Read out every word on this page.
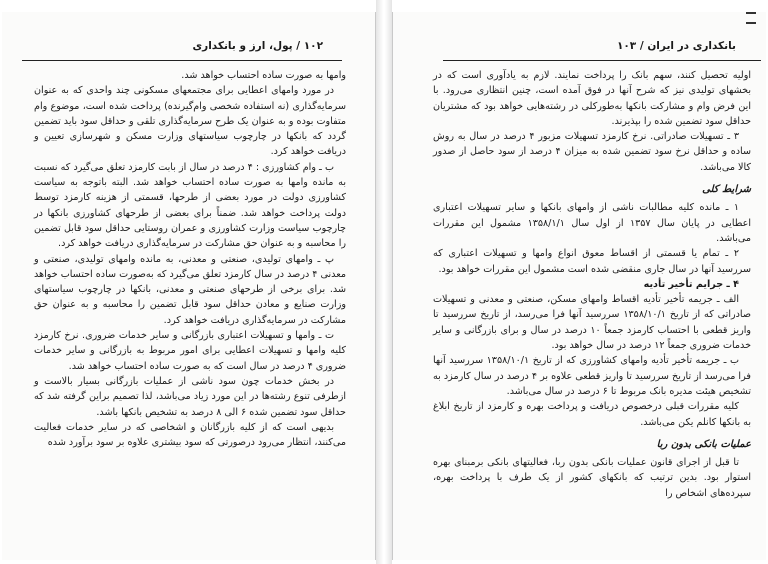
۱۰۲ / پول، ارز و بانکداری

وامها به صورت ساده احتساب خواهد شد.

در مورد وامهای اعطایی برای مجتمعهای مسکونی چند واحدی که به عنوان سرمایه‌گذاری (نه استفاده شخصی وام‌گیرنده) پرداخت شده است، موضوع وام متفاوت بوده و به عنوان یک طرح سرمایه‌گذاری تلقی و حداقل سود باید تضمین گردد که بانکها در چارچوب سیاستهای وزارت مسکن و شهرسازی تعیین و دریافت خواهد کرد.

ب ـ وام کشاورزی : ۴ درصد در سال از بابت کارمزد تعلق می‌گیرد که نسبت به مانده وامها به صورت ساده احتساب خواهد شد. البته باتوجه به سیاست کشاورزی دولت در مورد بعضی از طرحها، قسمتی از هزینه کارمزد توسط دولت پرداخت خواهد شد. ضمناً برای بعضی از طرحهای کشاورزی بانکها در چارچوب سیاست وزارت کشاورزی و عمران روستایی حداقل سود قابل تضمین را محاسبه و به عنوان حق مشارکت در سرمایه‌گذاری دریافت خواهد کرد.

پ ـ وامهای تولیدی، صنعتی و معدنی، به مانده وامهای تولیدی، صنعتی و معدنی ۴ درصد در سال کارمزد تعلق می‌گیرد که به‌صورت ساده احتساب خواهد شد. برای برخی از طرحهای صنعتی و معدنی، بانکها در چارچوب سیاستهای وزارت صنایع و معادن حداقل سود قابل تضمین را محاسبه و به عنوان حق مشارکت در سرمایه‌گذاری دریافت خواهد کرد.

ت ـ وامها و تسهیلات اعتباری بازرگانی و سایر خدمات ضروری. نرخ کارمزد کلیه وامها و تسهیلات اعطایی برای امور مربوط به بازرگانی و سایر خدمات ضروری ۴ درصد در سال است که به صورت ساده احتساب خواهد شد.

در بخش خدمات چون سود ناشی از عملیات بازرگانی بسیار بالاست و ازطرفی تنوع رشته‌ها در این مورد زیاد می‌باشد، لذا تصمیم براین گرفته شد که حداقل سود تضمین شده ۶ الی ۸ درصد به تشخیص بانکها باشد.

بدیهی است که از کلیه بازرگانان و اشخاصی که در سایر خدمات فعالیت می‌کنند، انتظار می‌رود درصورتی که سود بیشتری علاوه بر سود برآورد شده

بانکداری در ایران / ۱۰۳

اولیه تحصیل کنند، سهم بانک را پرداخت نمایند. لازم به یادآوری است که در بخشهای تولیدی نیز که شرح آنها در فوق آمده است، چنین انتظاری می‌رود. با این فرض وام و مشارکت بانکها به‌طورکلی در رشته‌هایی خواهد بود که مشتریان حداقل سود تضمین شده را بپذیرند.

۳ ـ تسهیلات صادراتی. نرخ کارمزد تسهیلات مزبور ۴ درصد در سال به روش ساده و حداقل نرخ سود تضمین شده به میزان ۴ درصد از سود حاصل از صدور کالا می‌باشد.

شرایط کلی

۱ ـ مانده کلیه مطالبات ناشی از وامهای بانکها و سایر تسهیلات اعتباری اعطایی در پایان سال ۱۳۵۷ از اول سال ۱۳۵۸/۱/۱ مشمول این مقررات می‌باشد.

۲ ـ تمام یا قسمتی از اقساط معوق انواع وامها و تسهیلات اعتباری که سررسید آنها در سال جاری منقضی شده است مشمول این مقررات خواهد بود.

۴ ـ جرایم تأخیر تأدیه

الف ـ جریمه تأخیر تأدیه اقساط وامهای مسکن، صنعتی و معدنی و تسهیلات صادراتی که از تاریخ ۱۳۵۸/۱۰/۱ سررسید آنها فرا می‌رسد، از تاریخ سررسید تا واریز قطعی با احتساب کارمزد جمعاً ۱۰ درصد در سال و برای بازرگانی و سایر خدمات ضروری جمعاً ۱۲ درصد در سال خواهد بود.

ب ـ جریمه تأخیر تأدیه وامهای کشاورزی که از تاریخ ۱۳۵۸/۱۰/۱ سررسید آنها فرا می‌رسد از تاریخ سررسید تا واریز قطعی علاوه بر ۴ درصد در سال کارمزد به تشخیص هیئت مدیره بانک مربوط تا ۶ درصد در سال می‌باشد.

کلیه مقررات قبلی درخصوص دریافت و پرداخت بهره و کارمزد از تاریخ ابلاغ به بانکها کانلم یکن می‌باشد.

عملیات بانکی بدون ربا

تا قبل از اجرای قانون عملیات بانکی بدون ربا، فعالیتهای بانکی برمبنای بهره استوار بود. بدین ترتیب که بانکهای کشور از یک طرف با پرداخت بهره، سپرده‌های اشخاص را
